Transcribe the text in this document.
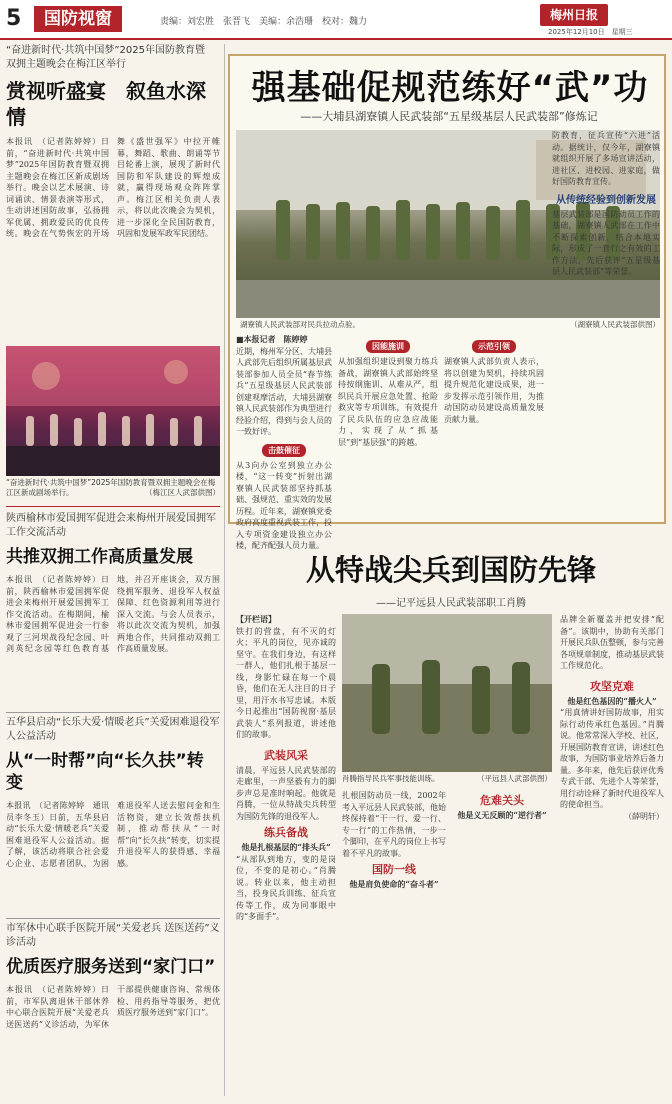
5	国防视窗	责编：刘宏胜　张晋飞　美编：余浩珊　校对：魏力	梅州日报
2025年12月10日　星期三
“奋进新时代·共筑中国梦”2025年国防教育暨
双拥主题晚会在梅江区举行
赏视听盛宴　叙鱼水深情
本报讯　（记者陈婷婷）日前，“奋进新时代·共筑中国梦”2025年国防教育暨双拥主题晚会在梅江区新成剧场举行。晚会以艺术展演、诗词诵读、情景表演等形式，生动讲述国防故事，弘扬拥军优属、拥政爱民的优良传统。晚会在气势恢宏的开场舞《盛世强军》中拉开帷幕，舞蹈、歌曲、朗诵等节目轮番上演，展现了新时代国防和军队建设的辉煌成就，赢得现场观众阵阵掌声。梅江区相关负责人表示，将以此次晚会为契机，进一步深化全民国防教育，巩固和发展军政军民团结。
“奋进新时代·共筑中国梦”2025年国防教育暨双拥主题晚会在梅江区新成剧场举行。	（梅江区人武部供图）
陕西榆林市爱国拥军促进会来梅州开展爱国拥军工作交流活动
共推双拥工作高质量发展
本报讯　（记者陈婷婷）日前，陕西榆林市爱国拥军促进会来梅州开展爱国拥军工作交流活动。在梅期间，榆林市爱国拥军促进会一行参观了三河坝战役纪念园、叶剑英纪念园等红色教育基地，并召开座谈会，双方围绕拥军服务、退役军人权益保障、红色资源利用等进行深入交流。与会人员表示，将以此次交流为契机，加强两地合作，共同推动双拥工作高质量发展。
五华县启动“长乐大爱·情暖老兵”关爱困难退役军人公益活动
从“一时帮”向“长久扶”转变
本报讯　（记者陈婷婷　通讯员李冬玉）日前，五华县启动“长乐大爱·情暖老兵”关爱困难退役军人公益活动。据了解，该活动将联合社会爱心企业、志愿者团队，为困难退役军人送去慰问金和生活物资，建立长效帮扶机制，推动帮扶从“一时帮”向“长久扶”转变，切实提升退役军人的获得感、幸福感。
市军休中心联手医院开展“关爱老兵 送医送药”义诊活动
优质医疗服务送到“家门口”
本报讯　（记者陈婷婷）日前，市军队离退休干部休养中心联合医院开展“关爱老兵 送医送药”义诊活动，为军休干部提供健康咨询、常规体检、用药指导等服务，把优质医疗服务送到“家门口”。
强基础促规范练好“武”功
——大埔县湖寮镇人民武装部“五星级基层人民武装部”修炼记
湖寮镇人民武装部对民兵拉动点验。	（湖寮镇人民武装部供图）
■本报记者　陈婷婷
近期，梅州军分区、大埔县人武部先后组织所属基层武装部参加人员全员“春节练兵”五星级基层人民武装部创建观摩活动，大埔县湖寮镇人民武装部作为典型进行经验介绍，得到与会人员的一致好评。
击鼓催征
从3向办公室到独立办公楼，“这一转变”折射出湖寮镇人民武装部坚持抓基础、强规范、重实效的发展历程。近年来，湖寮镇党委政府高度重视武装工作，投入专项资金建设独立办公楼，配齐配强人员力量。
因能施训
从加强组织建设到聚力练兵备战，湖寮镇人武部始终坚持按纲施训、从难从严，组织民兵开展应急处置、抢险救灾等专项训练，有效提升了民兵队伍的应急应战能力，实现了从“抓基层”到“基层强”的跨越。
示范引领
湖寮镇人武部负责人表示，将以创建为契机，持续巩固提升规范化建设成果，进一步发挥示范引领作用，为推动国防动员建设高质量发展贡献力量。
防教育，征兵宣传“六进”活动。据统计，仅今年，湖寮镇就组织开展了多场宣讲活动，进社区、进校园、进家庭，做好国防教育宣传。
从传统经验到创新发展
基层武装部是国防动员工作的基础，湖寮镇人武部在工作中不断探索创新，结合本地实际，形成了一套行之有效的工作方法，先后获评“五星级基层人民武装部”等荣誉。
从特战尖兵到国防先锋
——记平远县人民武装部职工肖腾
【开栏语】
铁打的营盘，有不灭的灯火；平凡的岗位，见亦诚的坚守。在我们身边，有这样一群人，他们扎根于基层一线，身影忙碌在每一个晨昏，他们在无人注目的日子里，用汗水书写忠诚。本版今日起推出“国防视窗·基层武装人”系列报道，讲述他们的故事。
武装风采
清晨，平远县人民武装部的走廊里，一声坚毅有力的脚步声总是准时响起。他就是肖腾，一位从特战尖兵转型为国防先锋的退役军人。
练兵备战
他是扎根基层的“排头兵”
“从部队到地方，变的是岗位，不变的是初心。”肖腾说。转业以来，他主动担当，投身民兵训练、征兵宣传等工作，成为同事眼中的“多面手”。
肖腾指导民兵军事技能训练。	（平远县人武部供图）
扎根国防动员一线，2002年考入平远县人民武装部，他始终保持着“干一行、爱一行、专一行”的工作热情，一步一个脚印，在平凡的岗位上书写着不平凡的故事。
国防一线
他是肩负使命的“奋斗者”
危难关头
他是义无反顾的“逆行者”
品牌全新覆盖并把安排“配备”。该期中，协助有关部门开展民兵队伍整顿，参与完善各项规章制度，推动基层武装工作规范化。
攻坚克难
他是红色基因的“播火人”
“用真情讲好国防故事，用实际行动传承红色基因。”肖腾说。他常常深入学校、社区，开展国防教育宣讲，讲述红色故事，为国防事业培养后备力量。多年来，他先后获评优秀专武干部、先进个人等荣誉，用行动诠释了新时代退役军人的使命担当。
（薛明轩）
